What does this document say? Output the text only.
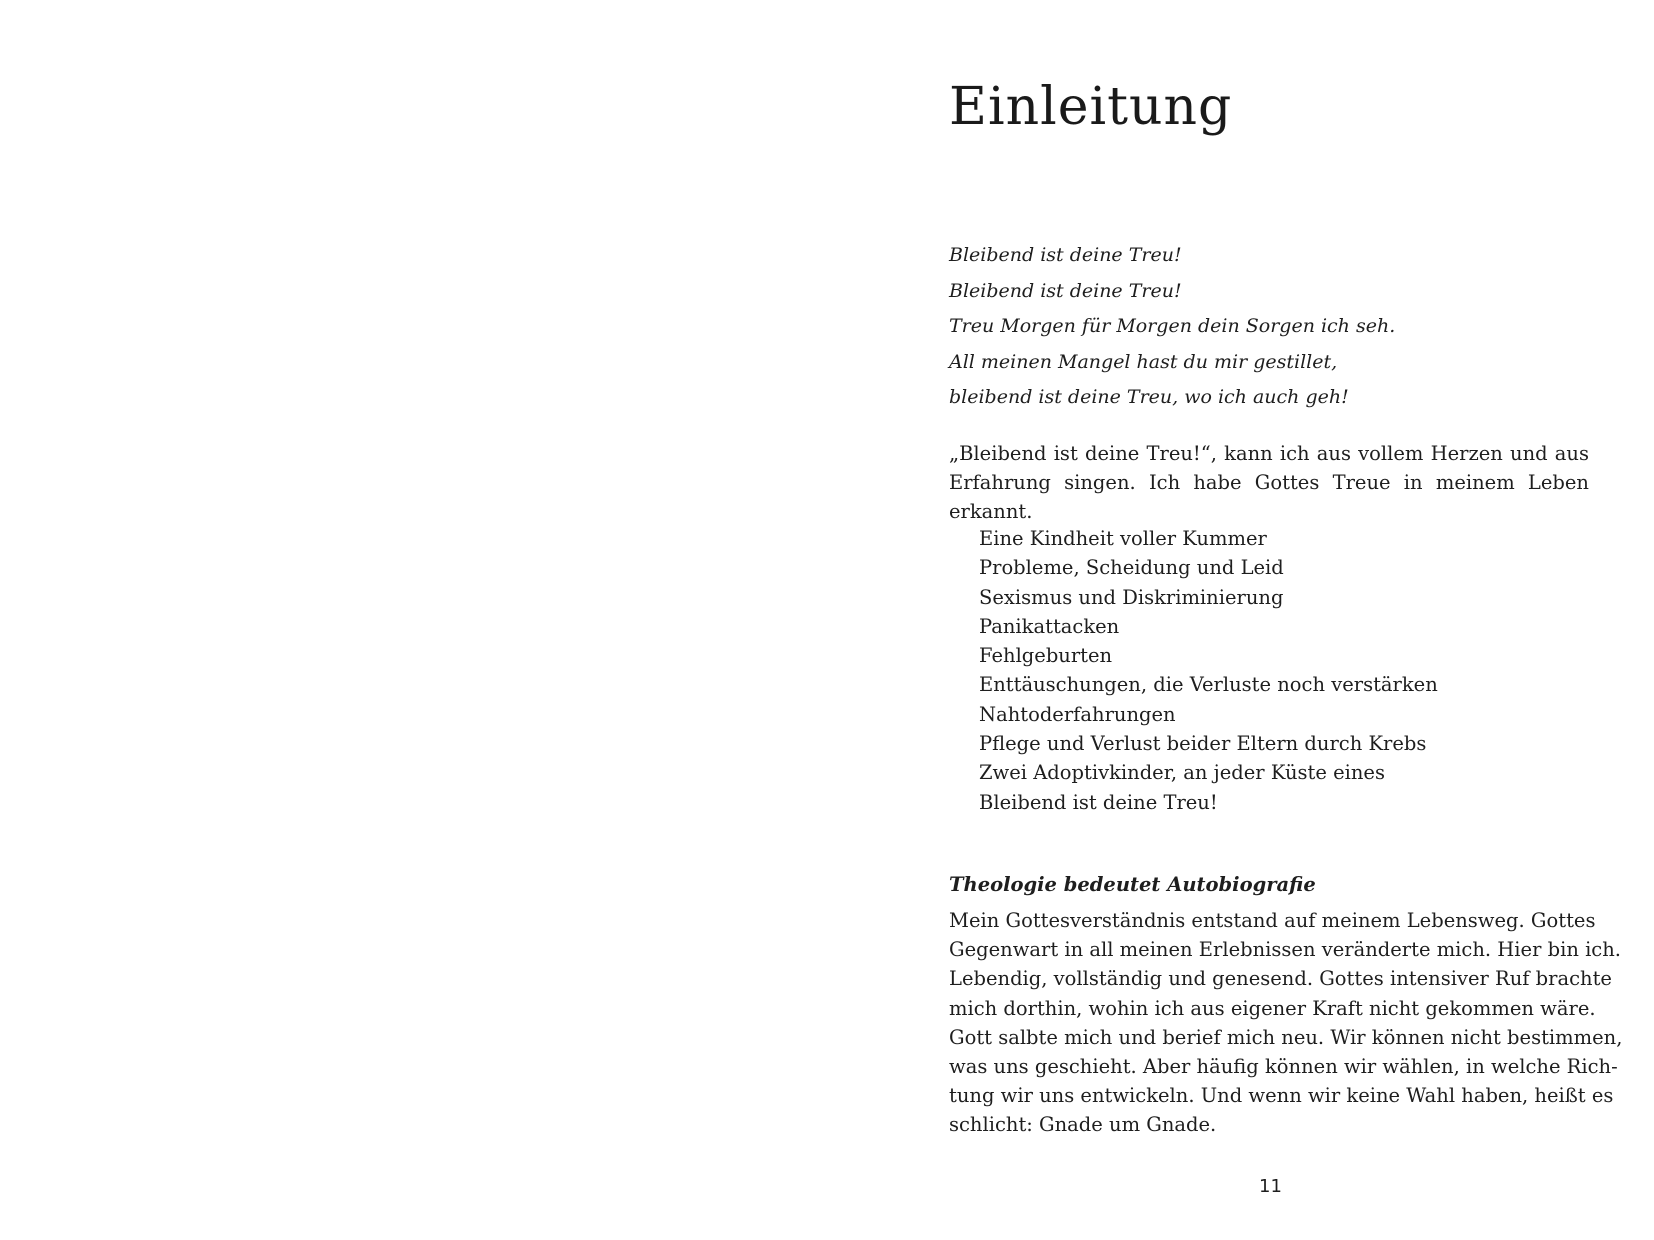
Einleitung
Bleibend ist deine Treu!
Bleibend ist deine Treu!
Treu Morgen für Morgen dein Sorgen ich seh.
All meinen Mangel hast du mir gestillet,
bleibend ist deine Treu, wo ich auch geh!

„Bleibend ist deine Treu!“, kann ich aus vollem Herzen und aus Erfahrung singen. Ich habe Gottes Treue in meinem Leben erkannt.

Eine Kindheit voller Kummer
Probleme, Scheidung und Leid
Sexismus und Diskriminierung
Panikattacken
Fehlgeburten
Enttäuschungen, die Verluste noch verstärken
Nahtoderfahrungen
Pflege und Verlust beider Eltern durch Krebs
Zwei Adoptivkinder, an jeder Küste eines
Bleibend ist deine Treu!
Theologie bedeutet Autobiografie

Mein Gottesverständnis entstand auf meinem Lebensweg. Gottes
Gegenwart in all meinen Erlebnissen veränderte mich. Hier bin ich.
Lebendig, vollständig und genesend. Gottes intensiver Ruf brachte
mich dorthin, wohin ich aus eigener Kraft nicht gekommen wäre.
Gott salbte mich und berief mich neu. Wir können nicht bestimmen,
was uns geschieht. Aber häufig können wir wählen, in welche Rich-
tung wir uns entwickeln. Und wenn wir keine Wahl haben, heißt es
schlicht: Gnade um Gnade.

11
